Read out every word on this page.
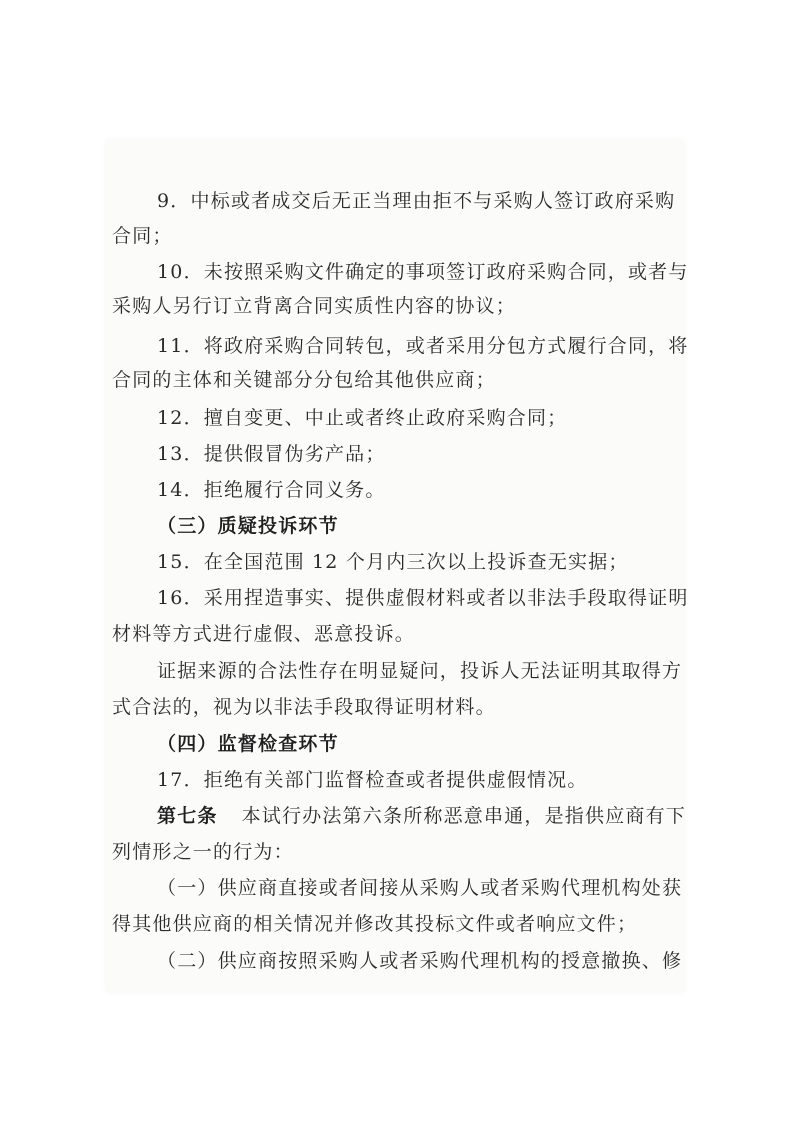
9．中标或者成交后无正当理由拒不与采购人签订政府采购
合同；
10．未按照采购文件确定的事项签订政府采购合同，或者与
采购人另行订立背离合同实质性内容的协议；
11．将政府采购合同转包，或者采用分包方式履行合同，将
合同的主体和关键部分分包给其他供应商；
12．擅自变更、中止或者终止政府采购合同；
13．提供假冒伪劣产品；
14．拒绝履行合同义务。
（三）质疑投诉环节
15．在全国范围 12 个月内三次以上投诉查无实据；
16．采用捏造事实、提供虚假材料或者以非法手段取得证明
材料等方式进行虚假、恶意投诉。
证据来源的合法性存在明显疑问，投诉人无法证明其取得方
式合法的，视为以非法手段取得证明材料。
（四）监督检查环节
17．拒绝有关部门监督检查或者提供虚假情况。
第七条 本试行办法第六条所称恶意串通，是指供应商有下
列情形之一的行为：
（一）供应商直接或者间接从采购人或者采购代理机构处获
得其他供应商的相关情况并修改其投标文件或者响应文件；
（二）供应商按照采购人或者采购代理机构的授意撤换、修
